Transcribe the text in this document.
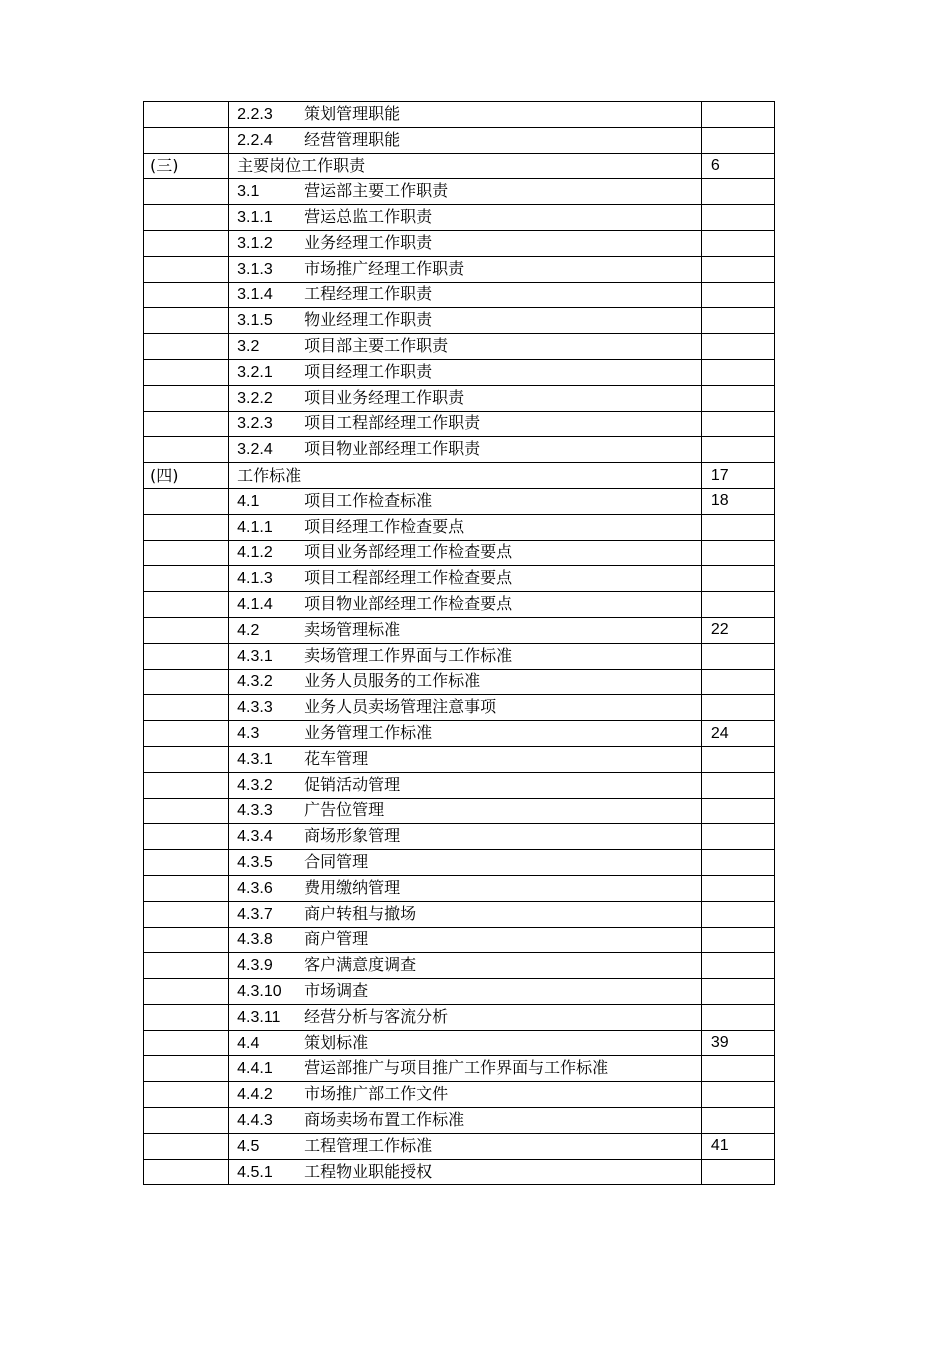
	2.2.3 策划管理职能	
	2.2.4 经营管理职能	
(三)	主要岗位工作职责	6
	3.1 营运部主要工作职责	
	3.1.1 营运总监工作职责	
	3.1.2 业务经理工作职责	
	3.1.3 市场推广经理工作职责	
	3.1.4 工程经理工作职责	
	3.1.5 物业经理工作职责	
	3.2 项目部主要工作职责	
	3.2.1 项目经理工作职责	
	3.2.2 项目业务经理工作职责	
	3.2.3 项目工程部经理工作职责	
	3.2.4 项目物业部经理工作职责	
(四)	工作标准	17
	4.1 项目工作检查标准	18
	4.1.1 项目经理工作检查要点	
	4.1.2 项目业务部经理工作检查要点	
	4.1.3 项目工程部经理工作检查要点	
	4.1.4 项目物业部经理工作检查要点	
	4.2 卖场管理标准	22
	4.3.1 卖场管理工作界面与工作标准	
	4.3.2 业务人员服务的工作标准	
	4.3.3 业务人员卖场管理注意事项	
	4.3 业务管理工作标准	24
	4.3.1 花车管理	
	4.3.2 促销活动管理	
	4.3.3 广告位管理	
	4.3.4 商场形象管理	
	4.3.5 合同管理	
	4.3.6 费用缴纳管理	
	4.3.7 商户转租与撤场	
	4.3.8 商户管理	
	4.3.9 客户满意度调查	
	4.3.10 市场调查	
	4.3.11 经营分析与客流分析	
	4.4 策划标准	39
	4.4.1 营运部推广与项目推广工作界面与工作标准	
	4.4.2 市场推广部工作文件	
	4.4.3 商场卖场布置工作标准	
	4.5 工程管理工作标准	41
	4.5.1 工程物业职能授权	
